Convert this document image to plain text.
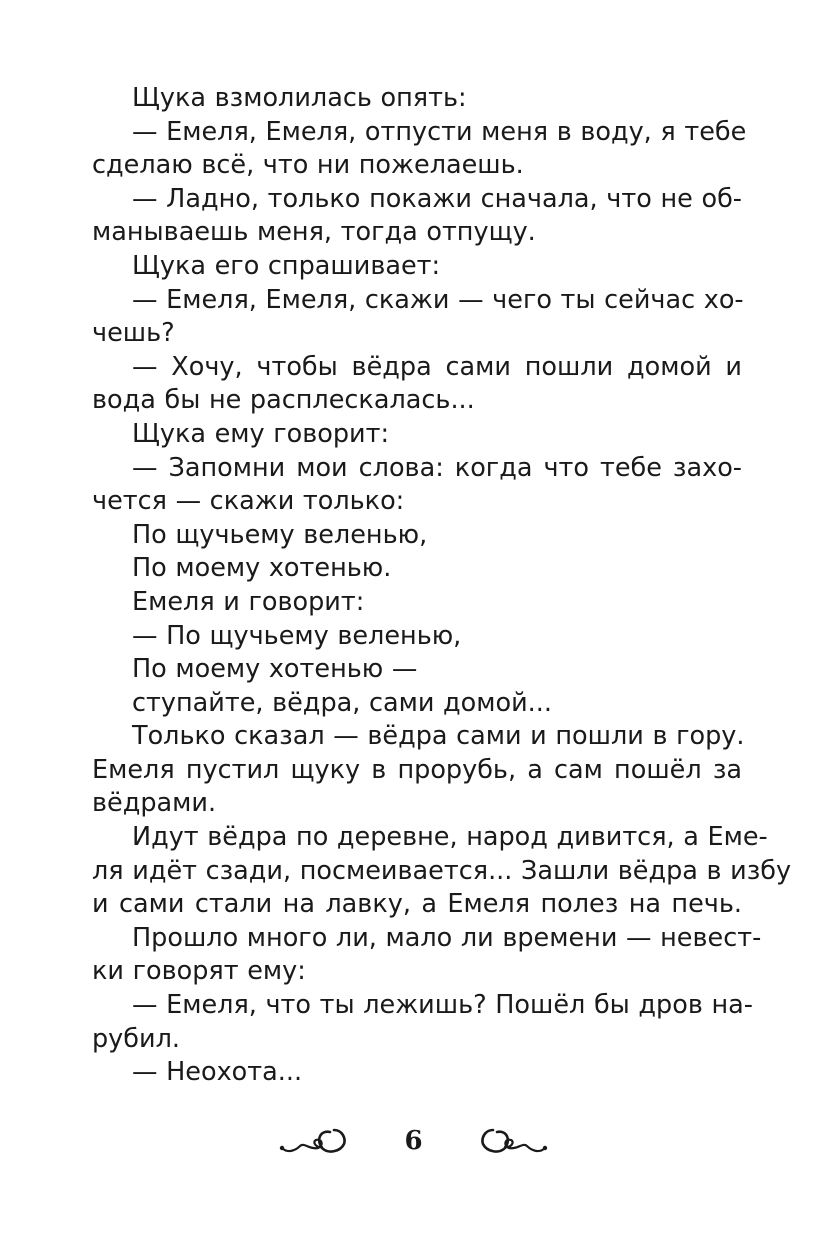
Щука взмолилась опять:
— Емеля, Емеля, отпусти меня в воду, я тебе
сделаю всё, что ни пожелаешь.
— Ладно, только покажи сначала, что не об-
манываешь меня, тогда отпущу.
Щука его спрашивает:
— Емеля, Емеля, скажи — чего ты сейчас хо-
чешь?
— Хочу, чтобы вёдра сами пошли домой и
вода бы не расплескалась...
Щука ему говорит:
— Запомни мои слова: когда что тебе захо-
чется — скажи только:
По щучьему веленью,
По моему хотенью.
Емеля и говорит:
— По щучьему веленью,
По моему хотенью —
ступайте, вёдра, сами домой...
Только сказал — вёдра сами и пошли в гору.
Емеля пустил щуку в прорубь, а сам пошёл за
вёдрами.
Идут вёдра по деревне, народ дивится, а Еме-
ля идёт сзади, посмеивается... Зашли вёдра в избу
и сами стали на лавку, а Емеля полез на печь.
Прошло много ли, мало ли времени — невест-
ки говорят ему:
— Емеля, что ты лежишь? Пошёл бы дров на-
рубил.
— Неохота...
6
